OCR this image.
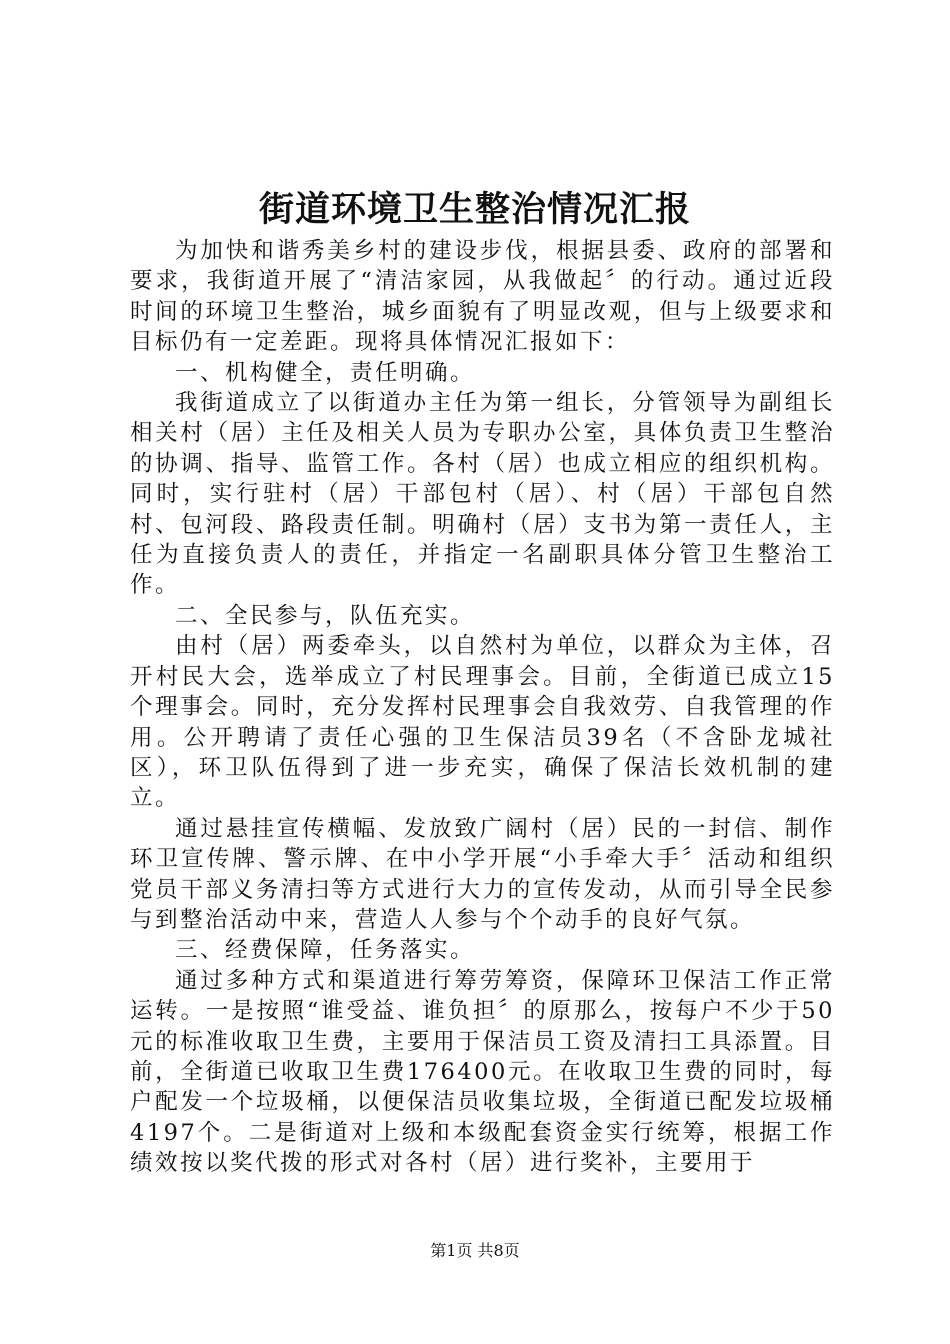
街道环境卫生整治情况汇报

为加快和谐秀美乡村的建设步伐，根据县委、政府的部署和要求，我街道开展了“清洁家园，从我做起〞的行动。通过近段时间的环境卫生整治，城乡面貌有了明显改观，但与上级要求和目标仍有一定差距。现将具体情况汇报如下：

一、机构健全，责任明确。

我街道成立了以街道办主任为第一组长，分管领导为副组长相关村（居）主任及相关人员为专职办公室，具体负责卫生整治的协调、指导、监管工作。各村（居）也成立相应的组织机构。同时，实行驻村（居）干部包村（居）、村（居）干部包自然村、包河段、路段责任制。明确村（居）支书为第一责任人，主任为直接负责人的责任，并指定一名副职具体分管卫生整治工作。

二、全民参与，队伍充实。

由村（居）两委牵头，以自然村为单位，以群众为主体，召开村民大会，选举成立了村民理事会。目前，全街道已成立15个理事会。同时，充分发挥村民理事会自我效劳、自我管理的作用。公开聘请了责任心强的卫生保洁员39名（不含卧龙城社区），环卫队伍得到了进一步充实，确保了保洁长效机制的建立。

通过悬挂宣传横幅、发放致广阔村（居）民的一封信、制作环卫宣传牌、警示牌、在中小学开展“小手牵大手〞活动和组织党员干部义务清扫等方式进行大力的宣传发动，从而引导全民参与到整治活动中来，营造人人参与个个动手的良好气氛。

三、经费保障，任务落实。

通过多种方式和渠道进行筹劳筹资，保障环卫保洁工作正常运转。一是按照“谁受益、谁负担〞的原那么，按每户不少于50元的标准收取卫生费，主要用于保洁员工资及清扫工具添置。目前，全街道已收取卫生费176400元。在收取卫生费的同时，每户配发一个垃圾桶，以便保洁员收集垃圾，全街道已配发垃圾桶4197个。二是街道对上级和本级配套资金实行统筹，根据工作绩效按以奖代拨的形式对各村（居）进行奖补，主要用于

第1页 共8页
